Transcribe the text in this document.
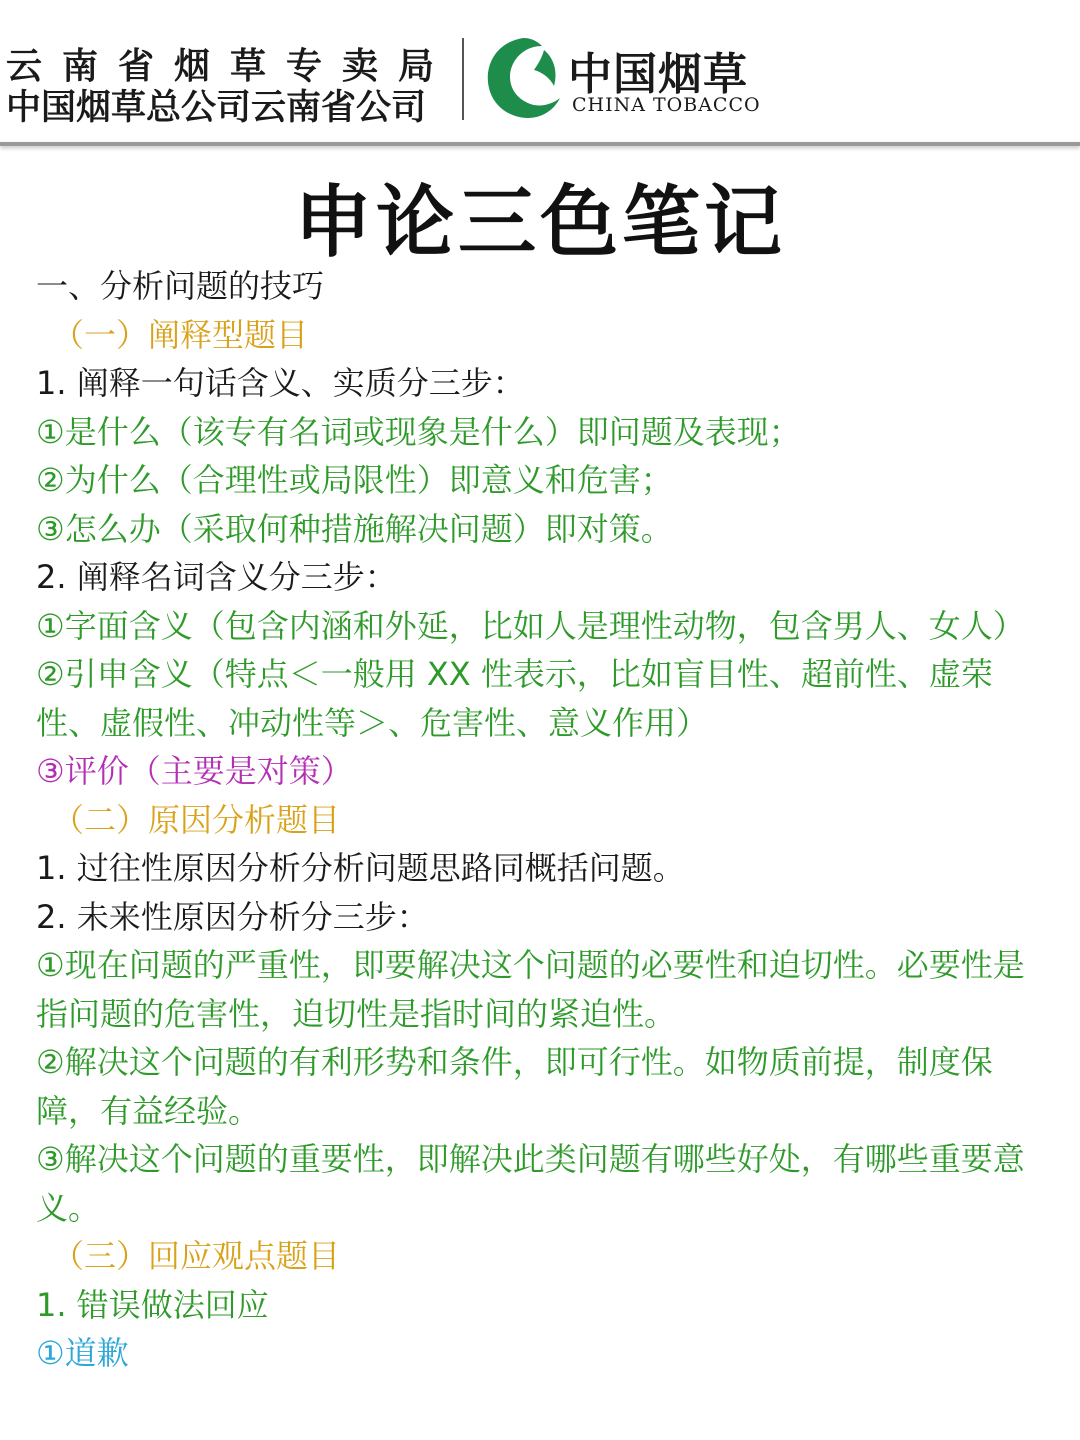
云南省烟草专卖局
中国烟草总公司云南省公司
中国烟草
CHINA TOBACCO
申论三色笔记

一、分析问题的技巧

（一）阐释型题目

1. 阐释一句话含义、实质分三步：

①是什么（该专有名词或现象是什么）即问题及表现；

②为什么（合理性或局限性）即意义和危害；

③怎么办（采取何种措施解决问题）即对策。

2. 阐释名词含义分三步：

①字面含义（包含内涵和外延，比如人是理性动物，包含男人、女人）

②引申含义（特点＜一般用 XX 性表示，比如盲目性、超前性、虚荣性、虚假性、冲动性等＞、危害性、意义作用）

③评价（主要是对策）

（二）原因分析题目

1. 过往性原因分析分析问题思路同概括问题。

2. 未来性原因分析分三步：

①现在问题的严重性，即要解决这个问题的必要性和迫切性。必要性是指问题的危害性，迫切性是指时间的紧迫性。

②解决这个问题的有利形势和条件，即可行性。如物质前提，制度保障，有益经验。

③解决这个问题的重要性，即解决此类问题有哪些好处，有哪些重要意义。

（三）回应观点题目

1. 错误做法回应

①道歉
